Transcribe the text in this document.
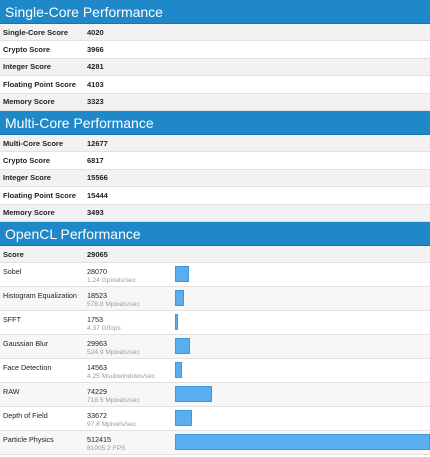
Single-Core Performance
Single-Core Score	4020
Crypto Score	3966
Integer Score	4281
Floating Point Score	4103
Memory Score	3323
Multi-Core Performance
Multi-Core Score	12677
Crypto Score	6817
Integer Score	15566
Floating Point Score	15444
Memory Score	3493
OpenCL Performance
Score	29065
Sobel	28070
1.24 Gpixels/sec
Histogram Equalization	18523
578.8 Mpixels/sec
SFFT	1753
4.37 Gflops
Gaussian Blur	29963
524.9 Mpixels/sec
Face Detection	14563
4.25 Msubwindows/sec
RAW	74229
718.5 Mpixels/sec
Depth of Field	33672
97.8 Mpixels/sec
Particle Physics	512415
81005.2 FPS
